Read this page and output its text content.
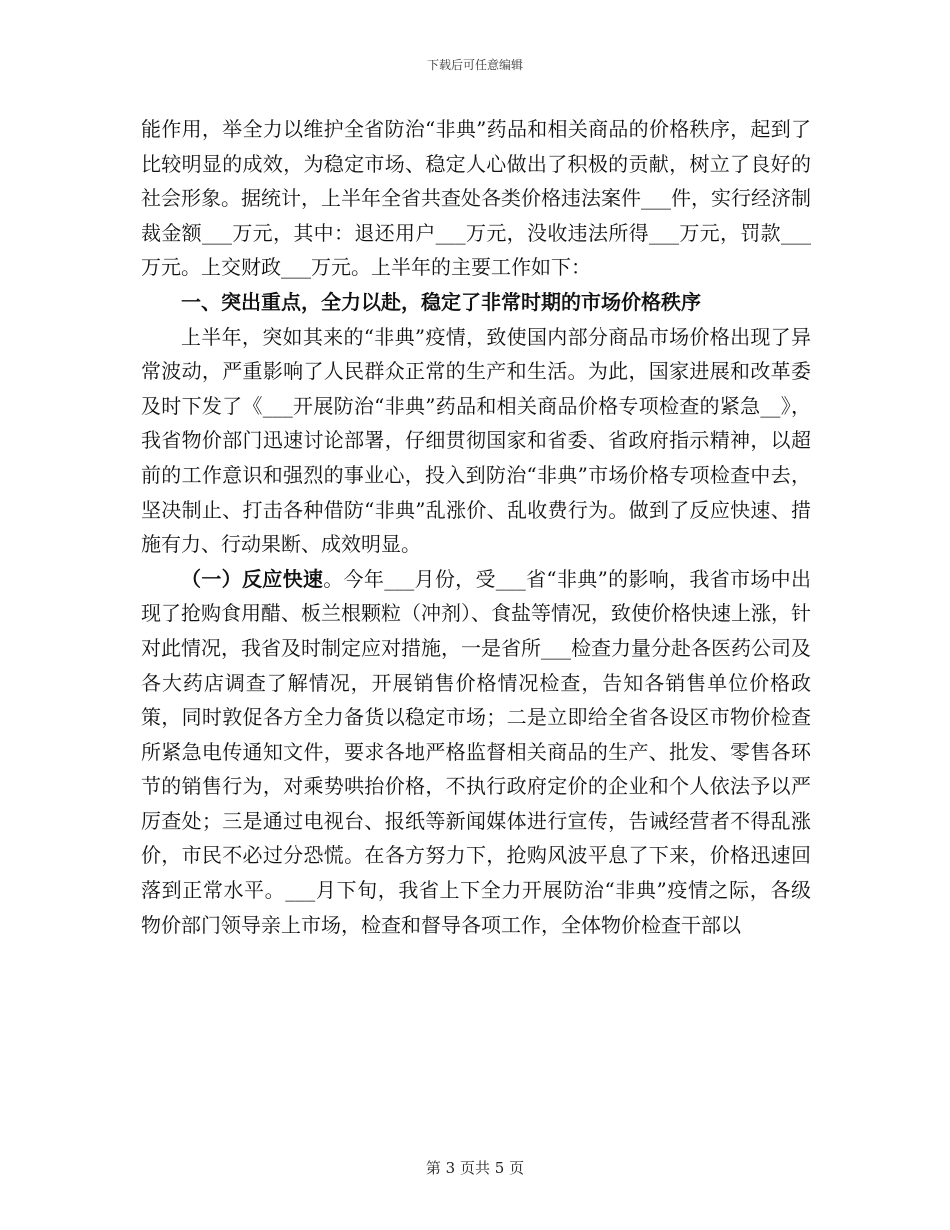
下载后可任意编辑

能作用，举全力以维护全省防治“非典”药品和相关商品的价格秩序，起到了比较明显的成效，为稳定市场、稳定人心做出了积极的贡献，树立了良好的社会形象。据统计，上半年全省共查处各类价格违法案件___件，实行经济制裁金额___万元，其中：退还用户___万元，没收违法所得___万元，罚款___万元。上交财政___万元。上半年的主要工作如下：

一、突出重点，全力以赴，稳定了非常时期的市场价格秩序

上半年，突如其来的“非典”疫情，致使国内部分商品市场价格出现了异常波动，严重影响了人民群众正常的生产和生活。为此，国家进展和改革委及时下发了《___开展防治“非典”药品和相关商品价格专项检查的紧急__》，我省物价部门迅速讨论部署，仔细贯彻国家和省委、省政府指示精神，以超前的工作意识和强烈的事业心，投入到防治“非典”市场价格专项检查中去，坚决制止、打击各种借防“非典”乱涨价、乱收费行为。做到了反应快速、措施有力、行动果断、成效明显。

（一）反应快速。今年___月份，受___省“非典”的影响，我省市场中出现了抢购食用醋、板兰根颗粒（冲剂）、食盐等情况，致使价格快速上涨，针对此情况，我省及时制定应对措施，一是省所___检查力量分赴各医药公司及各大药店调查了解情况，开展销售价格情况检查，告知各销售单位价格政策，同时敦促各方全力备货以稳定市场；二是立即给全省各设区市物价检查所紧急电传通知文件，要求各地严格监督相关商品的生产、批发、零售各环节的销售行为，对乘势哄抬价格，不执行政府定价的企业和个人依法予以严厉查处；三是通过电视台、报纸等新闻媒体进行宣传，告诫经营者不得乱涨价，市民不必过分恐慌。在各方努力下，抢购风波平息了下来，价格迅速回落到正常水平。___月下旬，我省上下全力开展防治“非典”疫情之际，各级物价部门领导亲上市场，检查和督导各项工作，全体物价检查干部以

第 3 页共 5 页
